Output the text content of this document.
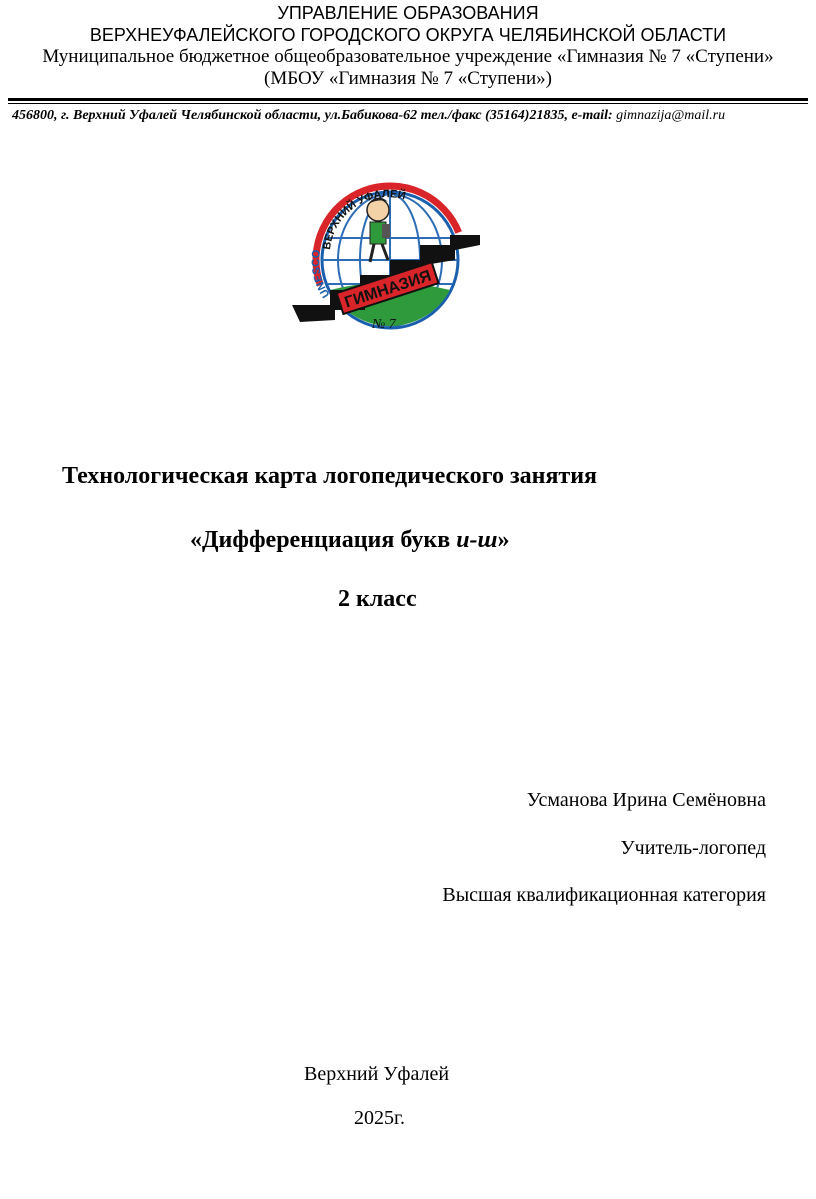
УПРАВЛЕНИЕ ОБРАЗОВАНИЯ
ВЕРХНЕУФАЛЕЙСКОГО ГОРОДСКОГО ОКРУГА ЧЕЛЯБИНСКОЙ ОБЛАСТИ
Муниципальное бюджетное общеобразовательное учреждение «Гимназия № 7 «Ступени»
(МБОУ «Гимназия № 7 «Ступени»)
456800, г. Верхний Уфалей Челябинской области, ул.Бабикова-62 тел./факс (35164)21835, e-mail: gimnazija@mail.ru
ГИМНАЗИЯ
№ 7
ВЕРХНИЙ УФАЛЕЙ
UNESCO
Технологическая карта логопедического занятия
«Дифференциация букв и-ш»
2 класс
Усманова Ирина Семёновна
Учитель-логопед
Высшая квалификационная категория
Верхний Уфалей
2025г.
